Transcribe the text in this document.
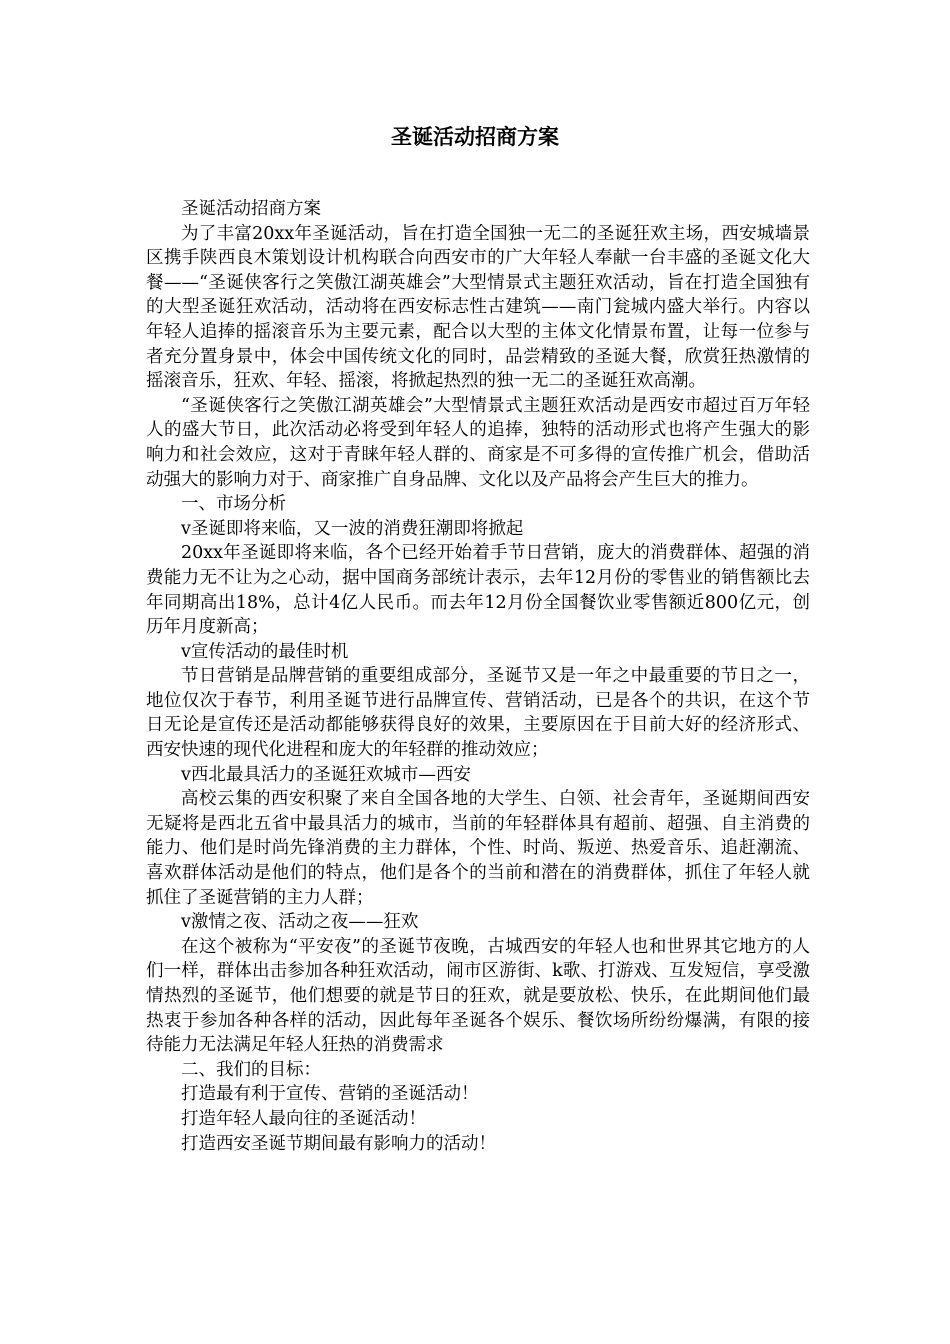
圣诞活动招商方案

圣诞活动招商方案

为了丰富20xx年圣诞活动，旨在打造全国独一无二的圣诞狂欢主场，西安城墙景区携手陕西良木策划设计机构联合向西安市的广大年轻人奉献一台丰盛的圣诞文化大餐——“圣诞侠客行之笑傲江湖英雄会”大型情景式主题狂欢活动，旨在打造全国独有的大型圣诞狂欢活动，活动将在西安标志性古建筑——南门瓮城内盛大举行。内容以年轻人追捧的摇滚音乐为主要元素，配合以大型的主体文化情景布置，让每一位参与者充分置身景中，体会中国传统文化的同时，品尝精致的圣诞大餐，欣赏狂热激情的摇滚音乐，狂欢、年轻、摇滚，将掀起热烈的独一无二的圣诞狂欢高潮。

“圣诞侠客行之笑傲江湖英雄会”大型情景式主题狂欢活动是西安市超过百万年轻人的盛大节日，此次活动必将受到年轻人的追捧，独特的活动形式也将产生强大的影响力和社会效应，这对于青睐年轻人群的、商家是不可多得的宣传推广机会，借助活动强大的影响力对于、商家推广自身品牌、文化以及产品将会产生巨大的推力。

一、市场分析

v圣诞即将来临，又一波的消费狂潮即将掀起

20xx年圣诞即将来临，各个已经开始着手节日营销，庞大的消费群体、超强的消费能力无不让为之心动，据中国商务部统计表示，去年12月份的零售业的销售额比去年同期高出18%，总计4亿人民币。而去年12月份全国餐饮业零售额近800亿元，创历年月度新高；

v宣传活动的最佳时机

节日营销是品牌营销的重要组成部分，圣诞节又是一年之中最重要的节日之一，地位仅次于春节，利用圣诞节进行品牌宣传、营销活动，已是各个的共识，在这个节日无论是宣传还是活动都能够获得良好的效果，主要原因在于目前大好的经济形式、西安快速的现代化进程和庞大的年轻群的推动效应；

v西北最具活力的圣诞狂欢城市—西安

高校云集的西安积聚了来自全国各地的大学生、白领、社会青年，圣诞期间西安无疑将是西北五省中最具活力的城市，当前的年轻群体具有超前、超强、自主消费的能力、他们是时尚先锋消费的主力群体，个性、时尚、叛逆、热爱音乐、追赶潮流、喜欢群体活动是他们的特点，他们是各个的当前和潜在的消费群体，抓住了年轻人就抓住了圣诞营销的主力人群；

v激情之夜、活动之夜——狂欢

在这个被称为“平安夜”的圣诞节夜晚，古城西安的年轻人也和世界其它地方的人们一样，群体出击参加各种狂欢活动，闹市区游街、k歌、打游戏、互发短信，享受激情热烈的圣诞节，他们想要的就是节日的狂欢，就是要放松、快乐，在此期间他们最热衷于参加各种各样的活动，因此每年圣诞各个娱乐、餐饮场所纷纷爆满，有限的接待能力无法满足年轻人狂热的消费需求

二、我们的目标：

打造最有利于宣传、营销的圣诞活动！

打造年轻人最向往的圣诞活动！

打造西安圣诞节期间最有影响力的活动！
